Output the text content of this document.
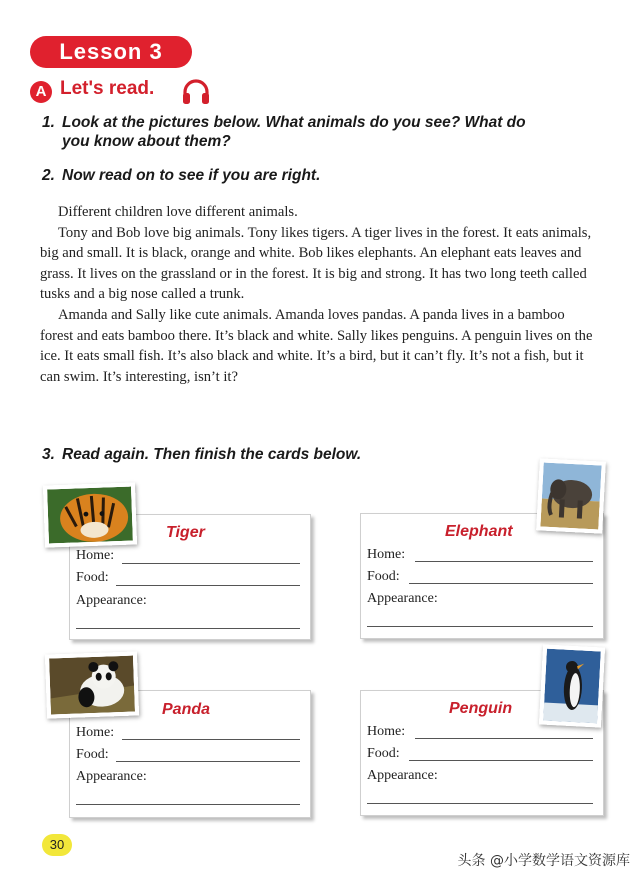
Lesson 3
A Let's read.
1. Look at the pictures below. What animals do you see? What do
you know about them?
2. Now read on to see if you are right.

Different children love different animals.

Tony and Bob love big animals. Tony likes tigers. A tiger lives in the forest. It eats animals, big and small. It is black, orange and white. Bob likes elephants. An elephant eats leaves and grass. It lives on the grassland or in the forest. It is big and strong. It has two long teeth called tusks and a big nose called a trunk.

Amanda and Sally like cute animals. Amanda loves pandas. A panda lives in a bamboo forest and eats bamboo there. It’s black and white. Sally likes penguins. A penguin lives on the ice. It eats small fish. It’s also black and white. It’s a bird, but it can’t fly. It’s not a fish, but it can swim. It’s interesting, isn’t it?

3. Read again. Then finish the cards below.
Tiger
Home:
Food:
Appearance:
Elephant
Home:
Food:
Appearance:
Panda
Home:
Food:
Appearance:
Penguin
Home:
Food:
Appearance:
30
头条 @小学数学语文资源库
